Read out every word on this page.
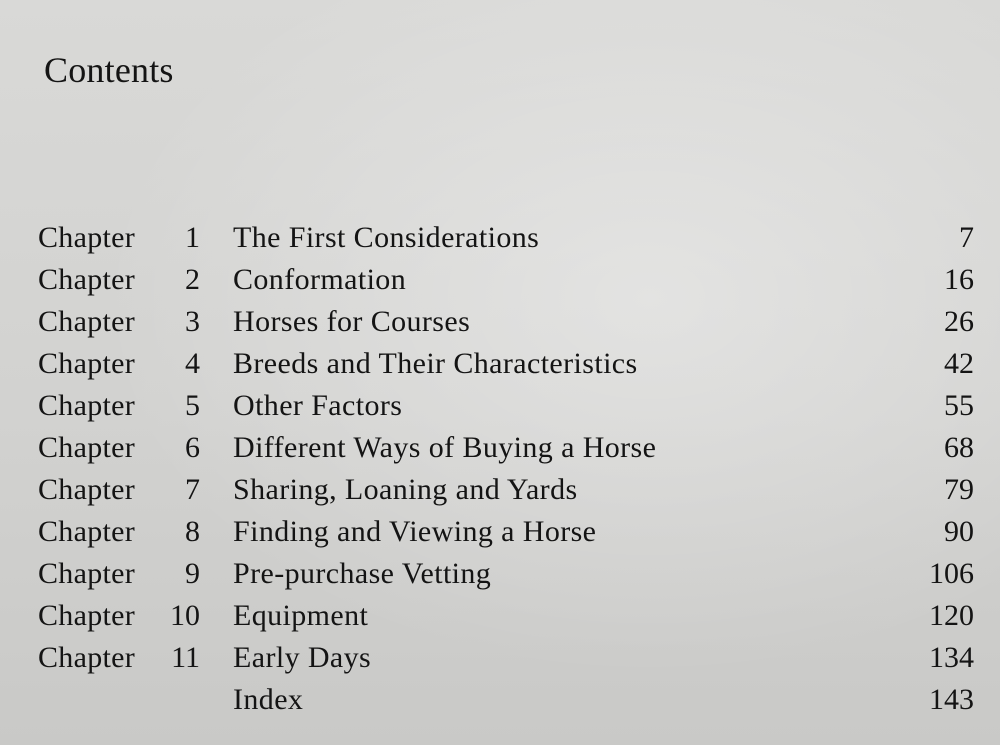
Contents
Chapter	1 The First Considerations	7
Chapter	2 Conformation	16
Chapter	3 Horses for Courses	26
Chapter	4 Breeds and Their Characteristics	42
Chapter	5 Other Factors	55
Chapter	6 Different Ways of Buying a Horse	68
Chapter	7 Sharing, Loaning and Yards	79
Chapter	8 Finding and Viewing a Horse	90
Chapter	9 Pre-purchase Vetting	106
Chapter	10 Equipment	120
Chapter	11 Early Days	134
Index	143
